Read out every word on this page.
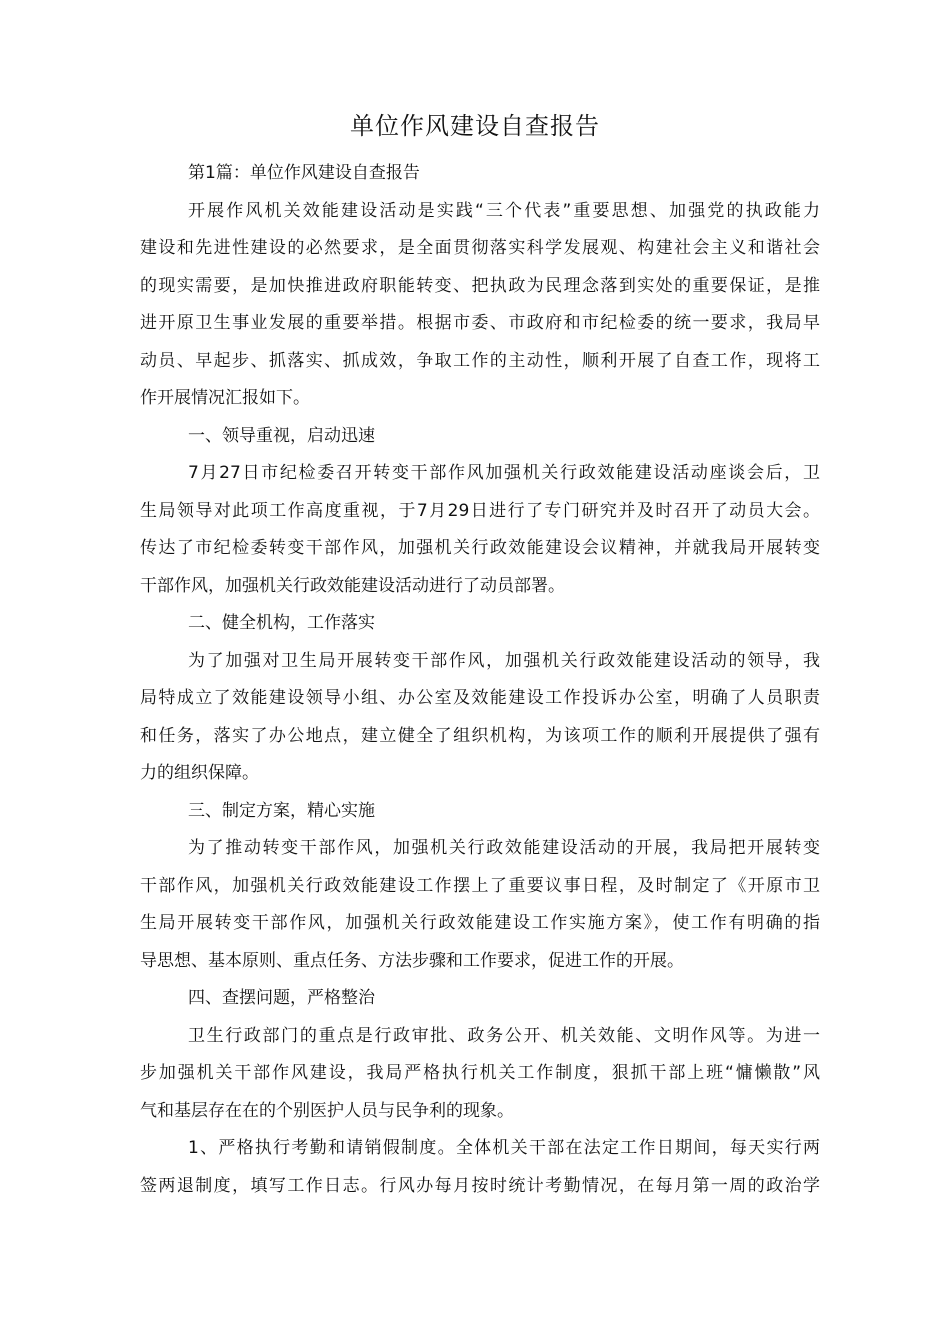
单位作风建设自查报告

第1篇：单位作风建设自查报告

开展作风机关效能建设活动是实践“三个代表”重要思想、加强党的执政能力
建设和先进性建设的必然要求，是全面贯彻落实科学发展观、构建社会主义和谐社会
的现实需要，是加快推进政府职能转变、把执政为民理念落到实处的重要保证，是推
进开原卫生事业发展的重要举措。根据市委、市政府和市纪检委的统一要求，我局早
动员、早起步、抓落实、抓成效，争取工作的主动性，顺利开展了自查工作，现将工
作开展情况汇报如下。

一、领导重视，启动迅速

7月27日市纪检委召开转变干部作风加强机关行政效能建设活动座谈会后，卫
生局领导对此项工作高度重视，于7月29日进行了专门研究并及时召开了动员大会。
传达了市纪检委转变干部作风，加强机关行政效能建设会议精神，并就我局开展转变
干部作风，加强机关行政效能建设活动进行了动员部署。

二、健全机构，工作落实

为了加强对卫生局开展转变干部作风，加强机关行政效能建设活动的领导，我
局特成立了效能建设领导小组、办公室及效能建设工作投诉办公室，明确了人员职责
和任务，落实了办公地点，建立健全了组织机构，为该项工作的顺利开展提供了强有
力的组织保障。

三、制定方案，精心实施

为了推动转变干部作风，加强机关行政效能建设活动的开展，我局把开展转变
干部作风，加强机关行政效能建设工作摆上了重要议事日程，及时制定了《开原市卫
生局开展转变干部作风，加强机关行政效能建设工作实施方案》，使工作有明确的指
导思想、基本原则、重点任务、方法步骤和工作要求，促进工作的开展。

四、查摆问题，严格整治

卫生行政部门的重点是行政审批、政务公开、机关效能、文明作风等。为进一
步加强机关干部作风建设，我局严格执行机关工作制度，狠抓干部上班“慵懒散”风
气和基层存在在的个别医护人员与民争利的现象。

1、严格执行考勤和请销假制度。全体机关干部在法定工作日期间，每天实行两
签两退制度，填写工作日志。行风办每月按时统计考勤情况，在每月第一周的政治学
